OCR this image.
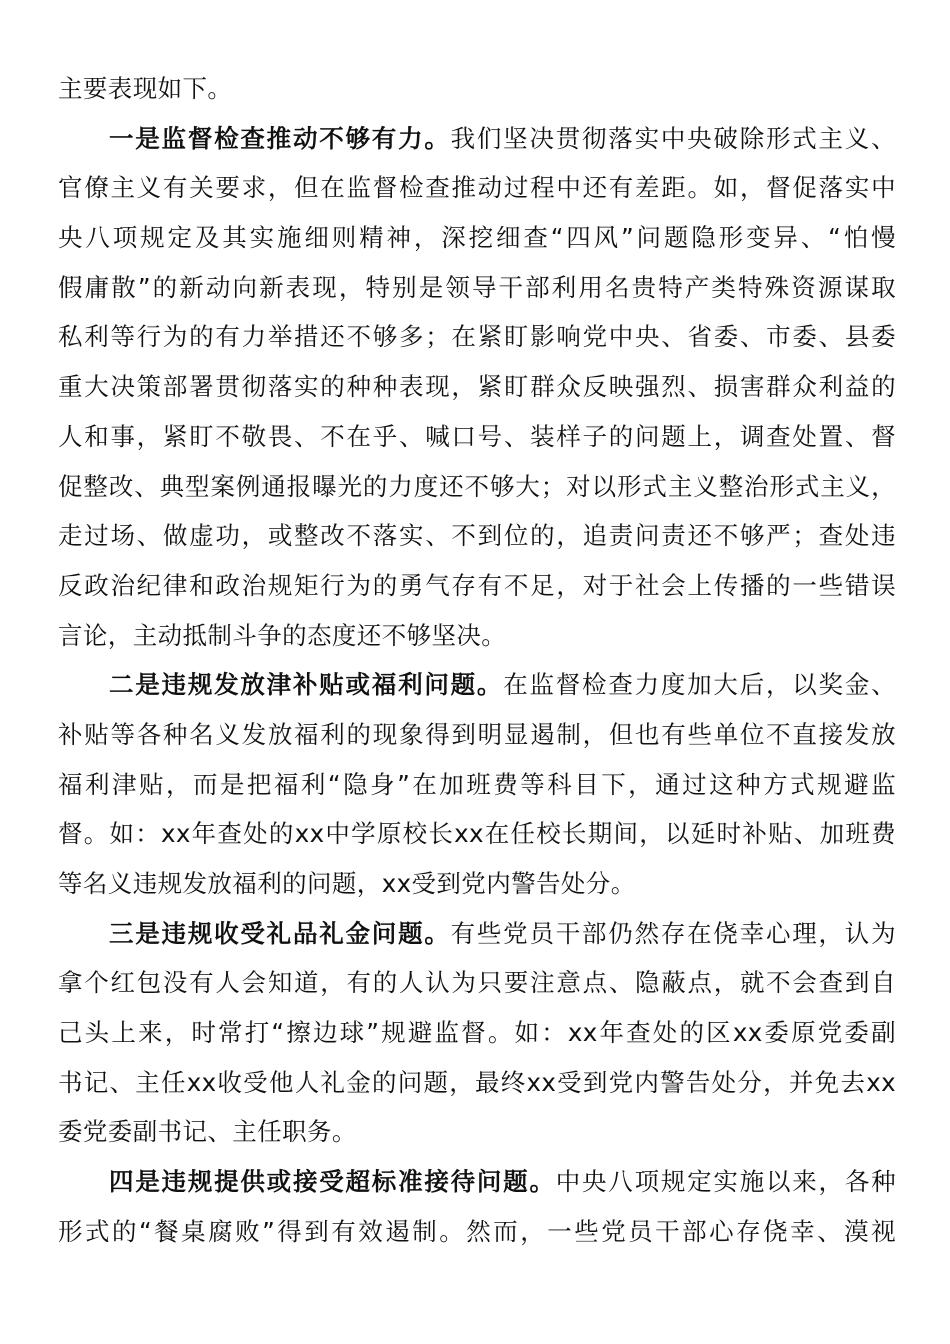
主要表现如下。
一是监督检查推动不够有力。我们坚决贯彻落实中央破除形式主义、
官僚主义有关要求，但在监督检查推动过程中还有差距。如，督促落实中
央八项规定及其实施细则精神，深挖细查“四风”问题隐形变异、“怕慢
假庸散”的新动向新表现，特别是领导干部利用名贵特产类特殊资源谋取
私利等行为的有力举措还不够多；在紧盯影响党中央、省委、市委、县委
重大决策部署贯彻落实的种种表现，紧盯群众反映强烈、损害群众利益的
人和事，紧盯不敬畏、不在乎、喊口号、装样子的问题上，调查处置、督
促整改、典型案例通报曝光的力度还不够大；对以形式主义整治形式主义，
走过场、做虚功，或整改不落实、不到位的，追责问责还不够严；查处违
反政治纪律和政治规矩行为的勇气存有不足，对于社会上传播的一些错误
言论，主动抵制斗争的态度还不够坚决。
二是违规发放津补贴或福利问题。在监督检查力度加大后，以奖金、
补贴等各种名义发放福利的现象得到明显遏制，但也有些单位不直接发放
福利津贴，而是把福利“隐身”在加班费等科目下，通过这种方式规避监
督。如：xx年查处的xx中学原校长xx在任校长期间，以延时补贴、加班费
等名义违规发放福利的问题，xx受到党内警告处分。
三是违规收受礼品礼金问题。有些党员干部仍然存在侥幸心理，认为
拿个红包没有人会知道，有的人认为只要注意点、隐蔽点，就不会查到自
己头上来，时常打“擦边球”规避监督。如：xx年查处的区xx委原党委副
书记、主任xx收受他人礼金的问题，最终xx受到党内警告处分，并免去xx
委党委副书记、主任职务。
四是违规提供或接受超标准接待问题。中央八项规定实施以来，各种
形式的“餐桌腐败”得到有效遏制。然而，一些党员干部心存侥幸、漠视
